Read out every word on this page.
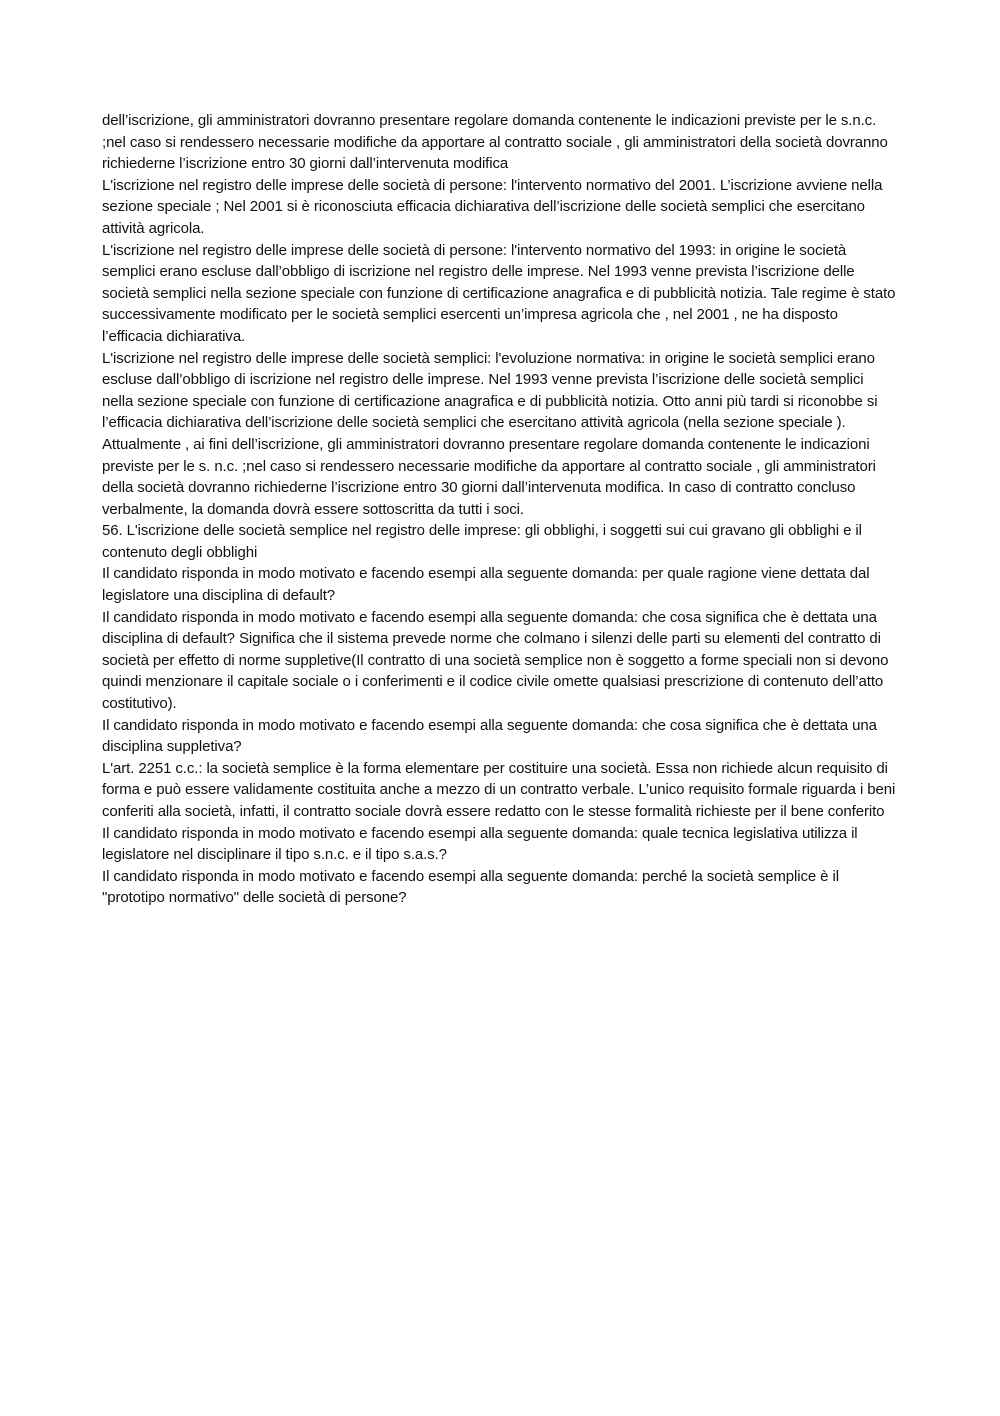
·····

dell’iscrizione, gli amministratori dovranno presentare regolare domanda contenente le indicazioni previste per le s.n.c. ;nel caso si rendessero necessarie modifiche da apportare al contratto sociale , gli amministratori della società dovranno richiederne l’iscrizione entro 30 giorni dall’intervenuta modifica

L'iscrizione nel registro delle imprese delle società di persone: l'intervento normativo del 2001. L’iscrizione avviene nella sezione speciale ; Nel 2001 si è riconosciuta efficacia dichiarativa dell’iscrizione delle società semplici che esercitano attività agricola.

L'iscrizione nel registro delle imprese delle società di persone: l'intervento normativo del 1993: in origine le società semplici erano escluse dall’obbligo di iscrizione nel registro delle imprese. Nel 1993 venne prevista l’iscrizione delle società semplici nella sezione speciale con funzione di certificazione anagrafica e di pubblicità notizia. Tale regime è stato successivamente modificato per le società semplici esercenti un’impresa agricola che , nel 2001 , ne ha disposto l’efficacia dichiarativa.

L'iscrizione nel registro delle imprese delle società semplici: l'evoluzione normativa: in origine le società semplici erano escluse dall’obbligo di iscrizione nel registro delle imprese. Nel 1993 venne prevista l’iscrizione delle società semplici nella sezione speciale con funzione di certificazione anagrafica e di pubblicità notizia. Otto anni più tardi si riconobbe si l’efficacia dichiarativa dell’iscrizione delle società semplici che esercitano attività agricola (nella sezione speciale ). Attualmente , ai fini dell’iscrizione, gli amministratori dovranno presentare regolare domanda contenente le indicazioni previste per le s. n.c. ;nel caso si rendessero necessarie modifiche da apportare al contratto sociale , gli amministratori della società dovranno richiederne l’iscrizione entro 30 giorni dall’intervenuta modifica. In caso di contratto concluso verbalmente, la domanda dovrà essere sottoscritta da tutti i soci.

56. L'iscrizione delle società semplice nel registro delle imprese: gli obblighi, i soggetti sui cui gravano gli obblighi e il contenuto degli obblighi

Il candidato risponda in modo motivato e facendo esempi alla seguente domanda: per quale ragione viene dettata dal legislatore una disciplina di default?

Il candidato risponda in modo motivato e facendo esempi alla seguente domanda: che cosa significa che è dettata una disciplina di default? Significa che il sistema prevede norme che colmano i silenzi delle parti su elementi del contratto di società per effetto di norme suppletive(Il contratto di una società semplice non è soggetto a forme speciali non si devono quindi menzionare il capitale sociale o i conferimenti e il codice civile omette qualsiasi prescrizione di contenuto dell’atto costitutivo).

Il candidato risponda in modo motivato e facendo esempi alla seguente domanda: che cosa significa che è dettata una disciplina suppletiva?

L'art. 2251 c.c.: la società semplice è la forma elementare per costituire una società. Essa non richiede alcun requisito di forma e può essere validamente costituita anche a mezzo di un contratto verbale. L’unico requisito formale riguarda i beni conferiti alla società, infatti, il contratto sociale dovrà essere redatto con le stesse formalità richieste per il bene conferito

Il candidato risponda in modo motivato e facendo esempi alla seguente domanda: quale tecnica legislativa utilizza il legislatore nel disciplinare il tipo s.n.c. e il tipo s.a.s.?

Il candidato risponda in modo motivato e facendo esempi alla seguente domanda: perché la società semplice è il "prototipo normativo" delle società di persone?
